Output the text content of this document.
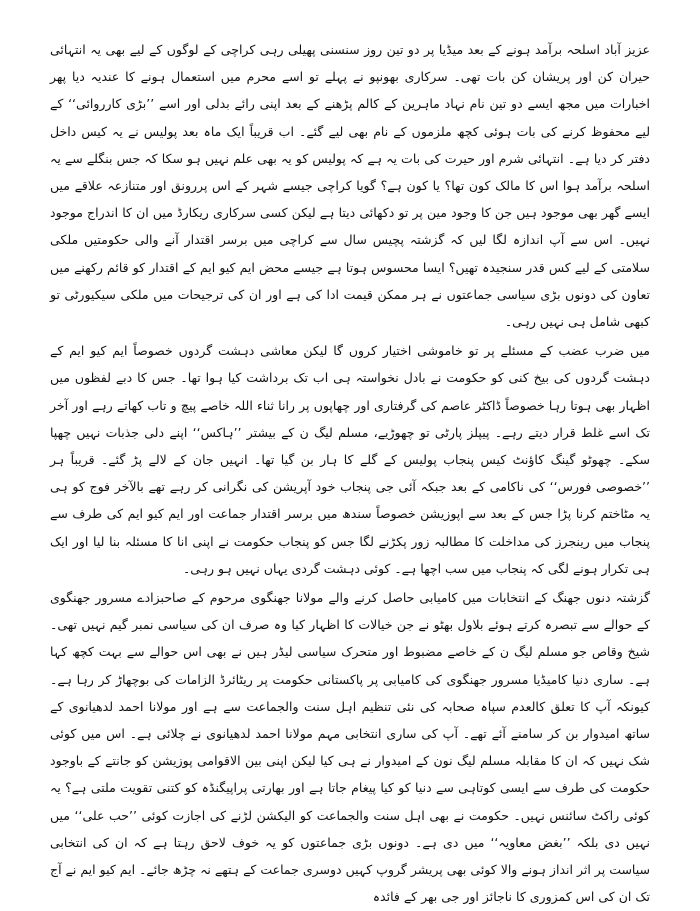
عزیز آباد اسلحہ برآمد ہونے کے بعد میڈیا پر دو تین روز سنسنی پھیلی رہی کراچی کے لوگوں کے لیے بھی یہ انتہائی حیران کن اور پریشان کن بات تھی۔ سرکاری بھونپو نے پہلے تو اسے محرم میں استعمال ہونے کا عندیہ دیا پھر اخبارات میں مجھ ایسے دو تین نام نہاد ماہرین کے کالم پڑھنے کے بعد اپنی رائے بدلی اور اسے ’’بڑی کارروائی‘‘ کے لیے محفوظ کرنے کی بات ہوئی کچھ ملزموں کے نام بھی لیے گئے۔ اب قریباً ایک ماہ بعد پولیس نے یہ کیس داخل دفتر کر دیا ہے۔ انتہائی شرم اور حیرت کی بات یہ ہے کہ پولیس کو یہ بھی علم نہیں ہو سکا کہ جس بنگلے سے یہ اسلحہ برآمد ہوا اس کا مالک کون تھا؟ یا کون ہے؟ گویا کراچی جیسے شہر کے اس پررونق اور متنازعہ علاقے میں ایسے گھر بھی موجود ہیں جن کا وجود مین پر تو دکھائی دیتا ہے لیکن کسی سرکاری ریکارڈ میں ان کا اندراج موجود نہیں۔ اس سے آپ اندازہ لگا لیں کہ گزشتہ پچیس سال سے کراچی میں برسر اقتدار آنے والی حکومتیں ملکی سلامتی کے لیے کس قدر سنجیدہ تھیں؟ ایسا محسوس ہوتا ہے جیسے محض ایم کیو ایم کے اقتدار کو قائم رکھنے میں تعاون کی دونوں بڑی سیاسی جماعتوں نے ہر ممکن قیمت ادا کی ہے اور ان کی ترجیحات میں ملکی سیکیورٹی تو کبھی شامل ہی نہیں رہی۔

میں ضرب عضب کے مسئلے پر تو خاموشی اختیار کروں گا لیکن معاشی دہشت گردوں خصوصاً ایم کیو ایم کے دہشت گردوں کی بیخ کنی کو حکومت نے بادل نخواستہ ہی اب تک برداشت کیا ہوا تھا۔ جس کا دبے لفظوں میں اظہار بھی ہوتا رہا خصوصاً ڈاکٹر عاصم کی گرفتاری اور چھاپوں پر رانا ثناء اللہ خاصے پیچ و تاب کھاتے رہے اور آخر تک اسے غلط قرار دیتے رہے۔ پیپلز پارٹی تو چھوڑیے، مسلم لیگ ن کے بیشتر ’’ہاکس‘‘ اپنے دلی جذبات نہیں چھپا سکے۔ چھوٹو گینگ کاؤنٹ کیس پنجاب پولیس کے گلے کا ہار بن گیا تھا۔ انہیں جان کے لالے پڑ گئے۔ قریباً ہر ’’خصوصی فورس‘‘ کی ناکامی کے بعد جبکہ آئی جی پنجاب خود آپریشن کی نگرانی کر رہے تھے بالآخر فوج کو ہی یہ مٹاختم کرنا پڑا جس کے بعد سے اپوزیشن خصوصاً سندھ میں برسر اقتدار جماعت اور ایم کیو ایم کی طرف سے پنجاب میں رینجرز کی مداخلت کا مطالبہ زور پکڑنے لگا جس کو پنجاب حکومت نے اپنی انا کا مسئلہ بنا لیا اور ایک ہی تکرار ہونے لگی کہ پنجاب میں سب اچھا ہے۔ کوئی دہشت گردی یہاں نہیں ہو رہی۔

گزشتہ دنوں جھنگ کے انتخابات میں کامیابی حاصل کرنے والے مولانا جھنگوی مرحوم کے صاحبزادے مسرور جھنگوی کے حوالے سے تبصرہ کرتے ہوئے بلاول بھٹو نے جن خیالات کا اظہار کیا وہ صرف ان کی سیاسی نمبر گیم نہیں تھی۔ شیخ وقاص جو مسلم لیگ ن کے خاصے مضبوط اور متحرک سیاسی لیڈر ہیں نے بھی اس حوالے سے بہت کچھ کہا ہے۔ ساری دنیا کامیڈیا مسرور جھنگوی کی کامیابی پر پاکستانی حکومت پر ریٹائرڈ الزامات کی بوچھاڑ کر رہا ہے۔ کیونکہ آپ کا تعلق کالعدم سپاہ صحابہ کی نئی تنظیم اہل سنت والجماعت سے ہے اور مولانا احمد لدھیانوی کے ساتھ امیدوار بن کر سامنے آئے تھے۔ آپ کی ساری انتخابی مہم مولانا احمد لدھیانوی نے چلائی ہے۔ اس میں کوئی شک نہیں کہ ان کا مقابلہ مسلم لیگ نون کے امیدوار نے ہی کیا لیکن اپنی بین الاقوامی پوزیشن کو جانتے کے باوجود حکومت کی طرف سے ایسی کوتاہی سے دنیا کو کیا پیغام جاتا ہے اور بھارتی پراپیگنڈہ کو کتنی تقویت ملتی ہے؟ یہ کوئی راکٹ سائنس نہیں۔ حکومت نے بھی اہل سنت والجماعت کو الیکشن لڑنے کی اجازت کوئی ’’حب علی‘‘ میں نہیں دی بلکہ ’’بغض معاویہ‘‘ میں دی ہے۔ دونوں بڑی جماعتوں کو یہ خوف لاحق رہتا ہے کہ ان کی انتخابی سیاست پر اثر انداز ہونے والا کوئی بھی پریشر گروپ کہیں دوسری جماعت کے ہتھے نہ چڑھ جائے۔ ایم کیو ایم نے آج تک ان کی اس کمزوری کا ناجائز اور جی بھر کے فائدہ
